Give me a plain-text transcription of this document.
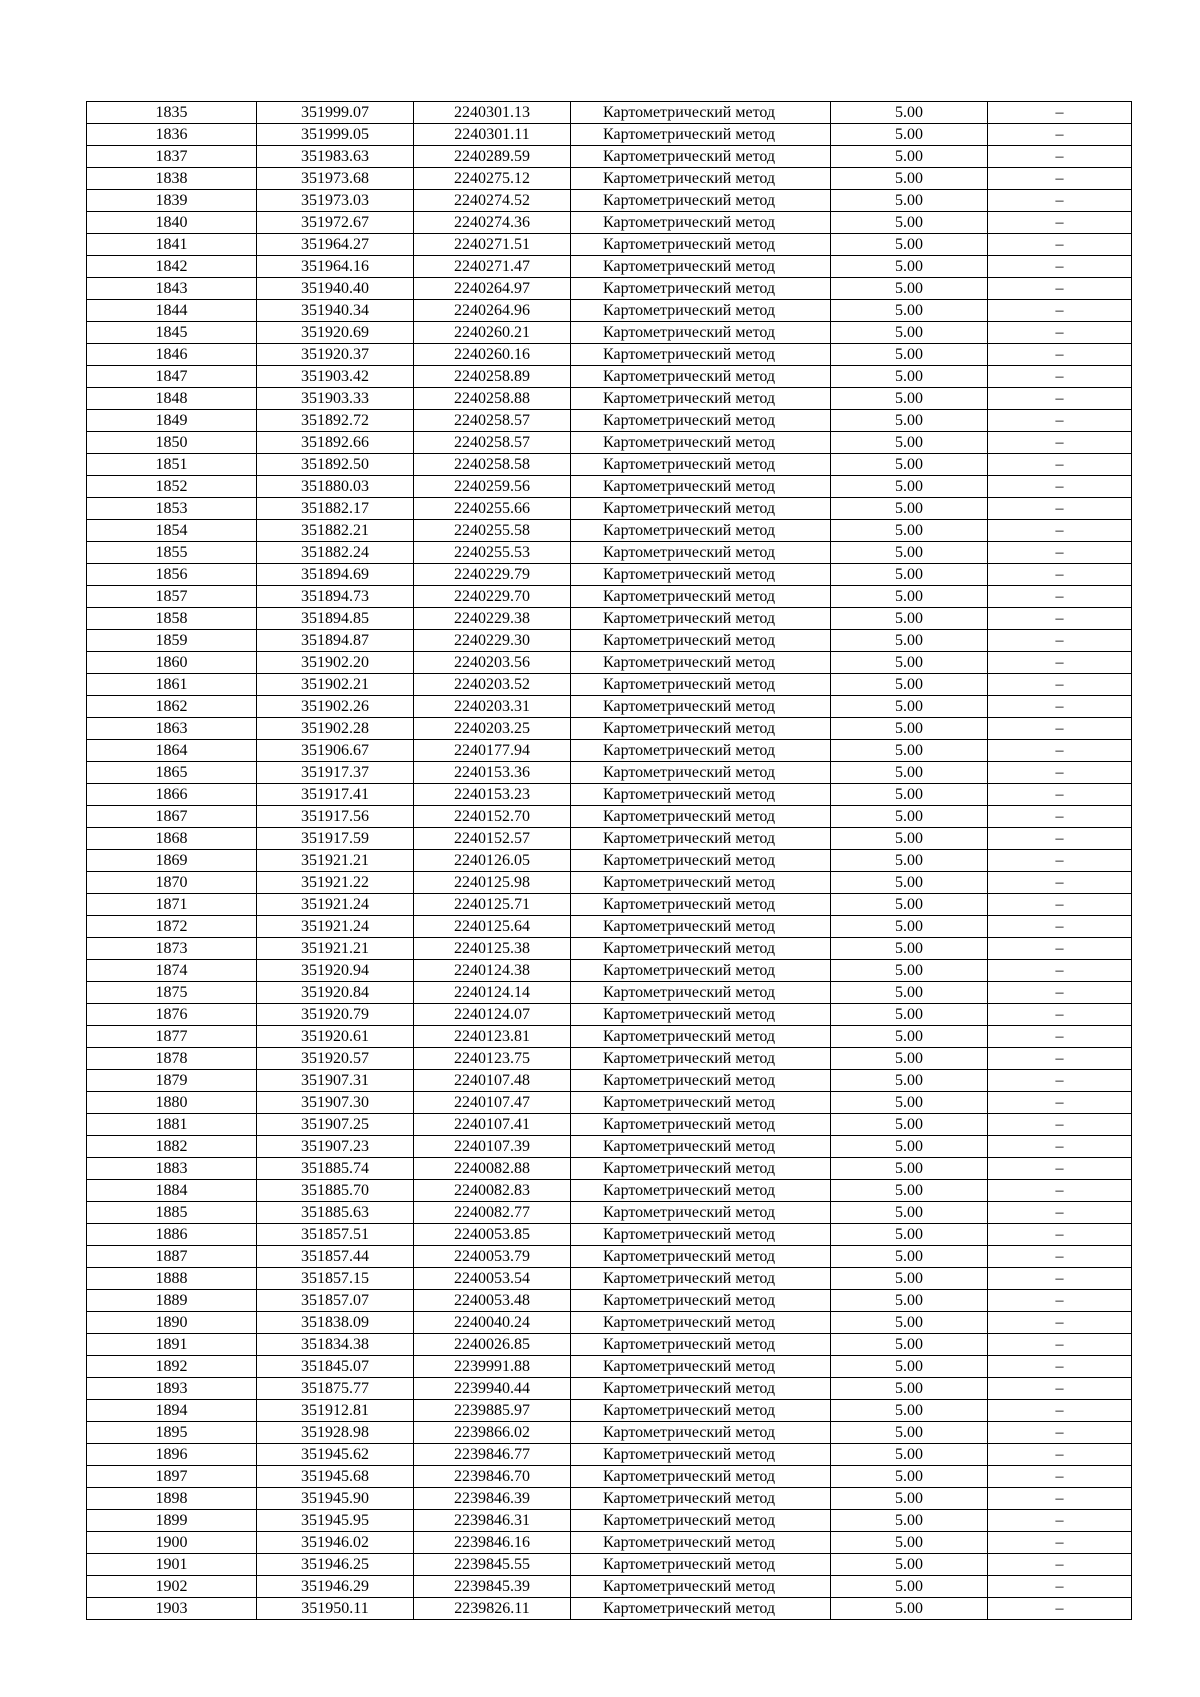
1835	351999.07	2240301.13	Картометрический метод	5.00	–
1836	351999.05	2240301.11	Картометрический метод	5.00	–
1837	351983.63	2240289.59	Картометрический метод	5.00	–
1838	351973.68	2240275.12	Картометрический метод	5.00	–
1839	351973.03	2240274.52	Картометрический метод	5.00	–
1840	351972.67	2240274.36	Картометрический метод	5.00	–
1841	351964.27	2240271.51	Картометрический метод	5.00	–
1842	351964.16	2240271.47	Картометрический метод	5.00	–
1843	351940.40	2240264.97	Картометрический метод	5.00	–
1844	351940.34	2240264.96	Картометрический метод	5.00	–
1845	351920.69	2240260.21	Картометрический метод	5.00	–
1846	351920.37	2240260.16	Картометрический метод	5.00	–
1847	351903.42	2240258.89	Картометрический метод	5.00	–
1848	351903.33	2240258.88	Картометрический метод	5.00	–
1849	351892.72	2240258.57	Картометрический метод	5.00	–
1850	351892.66	2240258.57	Картометрический метод	5.00	–
1851	351892.50	2240258.58	Картометрический метод	5.00	–
1852	351880.03	2240259.56	Картометрический метод	5.00	–
1853	351882.17	2240255.66	Картометрический метод	5.00	–
1854	351882.21	2240255.58	Картометрический метод	5.00	–
1855	351882.24	2240255.53	Картометрический метод	5.00	–
1856	351894.69	2240229.79	Картометрический метод	5.00	–
1857	351894.73	2240229.70	Картометрический метод	5.00	–
1858	351894.85	2240229.38	Картометрический метод	5.00	–
1859	351894.87	2240229.30	Картометрический метод	5.00	–
1860	351902.20	2240203.56	Картометрический метод	5.00	–
1861	351902.21	2240203.52	Картометрический метод	5.00	–
1862	351902.26	2240203.31	Картометрический метод	5.00	–
1863	351902.28	2240203.25	Картометрический метод	5.00	–
1864	351906.67	2240177.94	Картометрический метод	5.00	–
1865	351917.37	2240153.36	Картометрический метод	5.00	–
1866	351917.41	2240153.23	Картометрический метод	5.00	–
1867	351917.56	2240152.70	Картометрический метод	5.00	–
1868	351917.59	2240152.57	Картометрический метод	5.00	–
1869	351921.21	2240126.05	Картометрический метод	5.00	–
1870	351921.22	2240125.98	Картометрический метод	5.00	–
1871	351921.24	2240125.71	Картометрический метод	5.00	–
1872	351921.24	2240125.64	Картометрический метод	5.00	–
1873	351921.21	2240125.38	Картометрический метод	5.00	–
1874	351920.94	2240124.38	Картометрический метод	5.00	–
1875	351920.84	2240124.14	Картометрический метод	5.00	–
1876	351920.79	2240124.07	Картометрический метод	5.00	–
1877	351920.61	2240123.81	Картометрический метод	5.00	–
1878	351920.57	2240123.75	Картометрический метод	5.00	–
1879	351907.31	2240107.48	Картометрический метод	5.00	–
1880	351907.30	2240107.47	Картометрический метод	5.00	–
1881	351907.25	2240107.41	Картометрический метод	5.00	–
1882	351907.23	2240107.39	Картометрический метод	5.00	–
1883	351885.74	2240082.88	Картометрический метод	5.00	–
1884	351885.70	2240082.83	Картометрический метод	5.00	–
1885	351885.63	2240082.77	Картометрический метод	5.00	–
1886	351857.51	2240053.85	Картометрический метод	5.00	–
1887	351857.44	2240053.79	Картометрический метод	5.00	–
1888	351857.15	2240053.54	Картометрический метод	5.00	–
1889	351857.07	2240053.48	Картометрический метод	5.00	–
1890	351838.09	2240040.24	Картометрический метод	5.00	–
1891	351834.38	2240026.85	Картометрический метод	5.00	–
1892	351845.07	2239991.88	Картометрический метод	5.00	–
1893	351875.77	2239940.44	Картометрический метод	5.00	–
1894	351912.81	2239885.97	Картометрический метод	5.00	–
1895	351928.98	2239866.02	Картометрический метод	5.00	–
1896	351945.62	2239846.77	Картометрический метод	5.00	–
1897	351945.68	2239846.70	Картометрический метод	5.00	–
1898	351945.90	2239846.39	Картометрический метод	5.00	–
1899	351945.95	2239846.31	Картометрический метод	5.00	–
1900	351946.02	2239846.16	Картометрический метод	5.00	–
1901	351946.25	2239845.55	Картометрический метод	5.00	–
1902	351946.29	2239845.39	Картометрический метод	5.00	–
1903	351950.11	2239826.11	Картометрический метод	5.00	–
